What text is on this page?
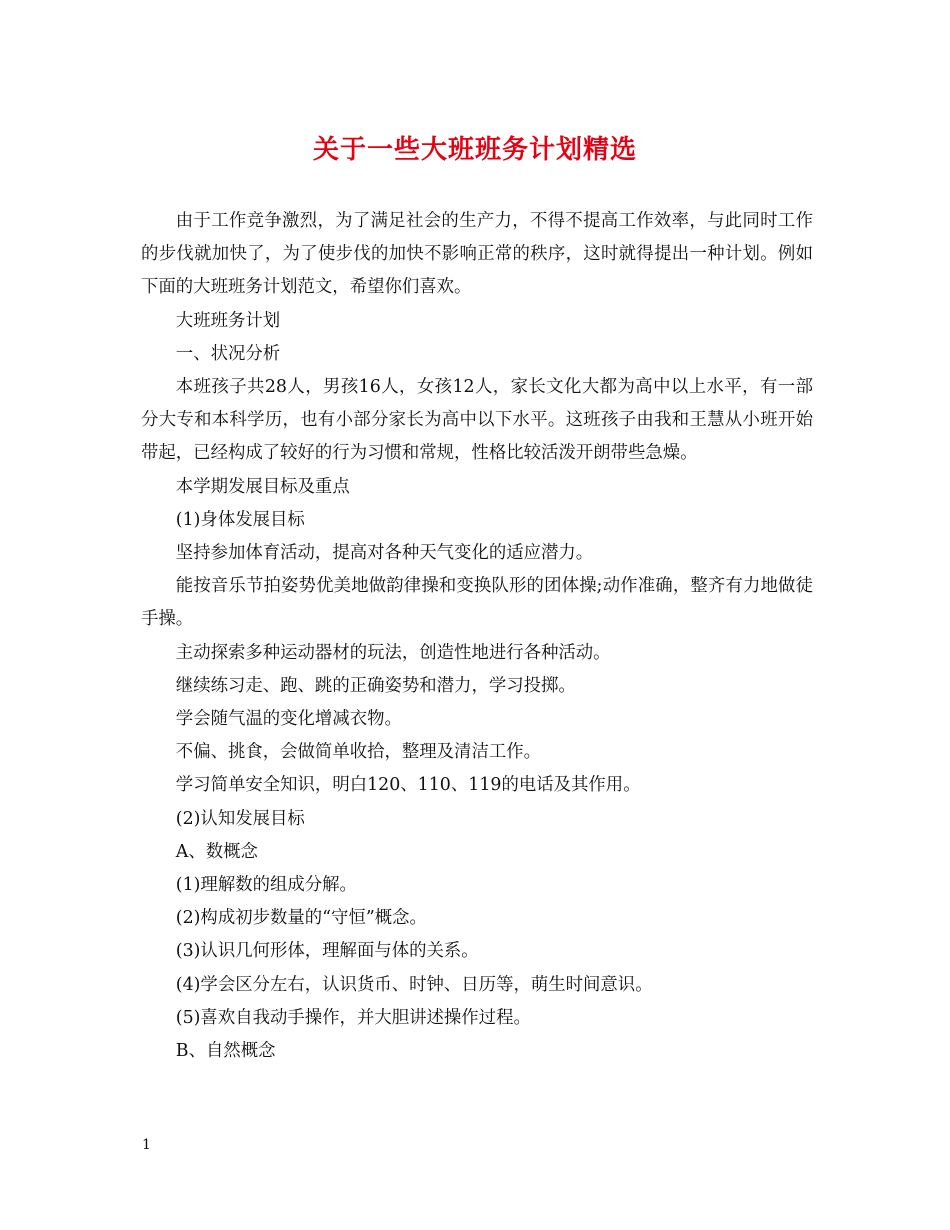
关于一些大班班务计划精选

由于工作竞争激烈，为了满足社会的生产力，不得不提高工作效率，与此同时工作的步伐就加快了，为了使步伐的加快不影响正常的秩序，这时就得提出一种计划。例如下面的大班班务计划范文，希望你们喜欢。

大班班务计划

一、状况分析

本班孩子共28人，男孩16人，女孩12人，家长文化大都为高中以上水平，有一部分大专和本科学历，也有小部分家长为高中以下水平。这班孩子由我和王慧从小班开始带起，已经构成了较好的行为习惯和常规，性格比较活泼开朗带些急燥。

本学期发展目标及重点

(1)身体发展目标

坚持参加体育活动，提高对各种天气变化的适应潜力。

能按音乐节拍姿势优美地做韵律操和变换队形的团体操;动作准确，整齐有力地做徒手操。

主动探索多种运动器材的玩法，创造性地进行各种活动。

继续练习走、跑、跳的正确姿势和潜力，学习投掷。

学会随气温的变化增减衣物。

不偏、挑食，会做简单收拾，整理及清洁工作。

学习简单安全知识，明白120、110、119的电话及其作用。

(2)认知发展目标

A、数概念

(1)理解数的组成分解。

(2)构成初步数量的“守恒”概念。

(3)认识几何形体，理解面与体的关系。

(4)学会区分左右，认识货币、时钟、日历等，萌生时间意识。

(5)喜欢自我动手操作，并大胆讲述操作过程。

B、自然概念

1
